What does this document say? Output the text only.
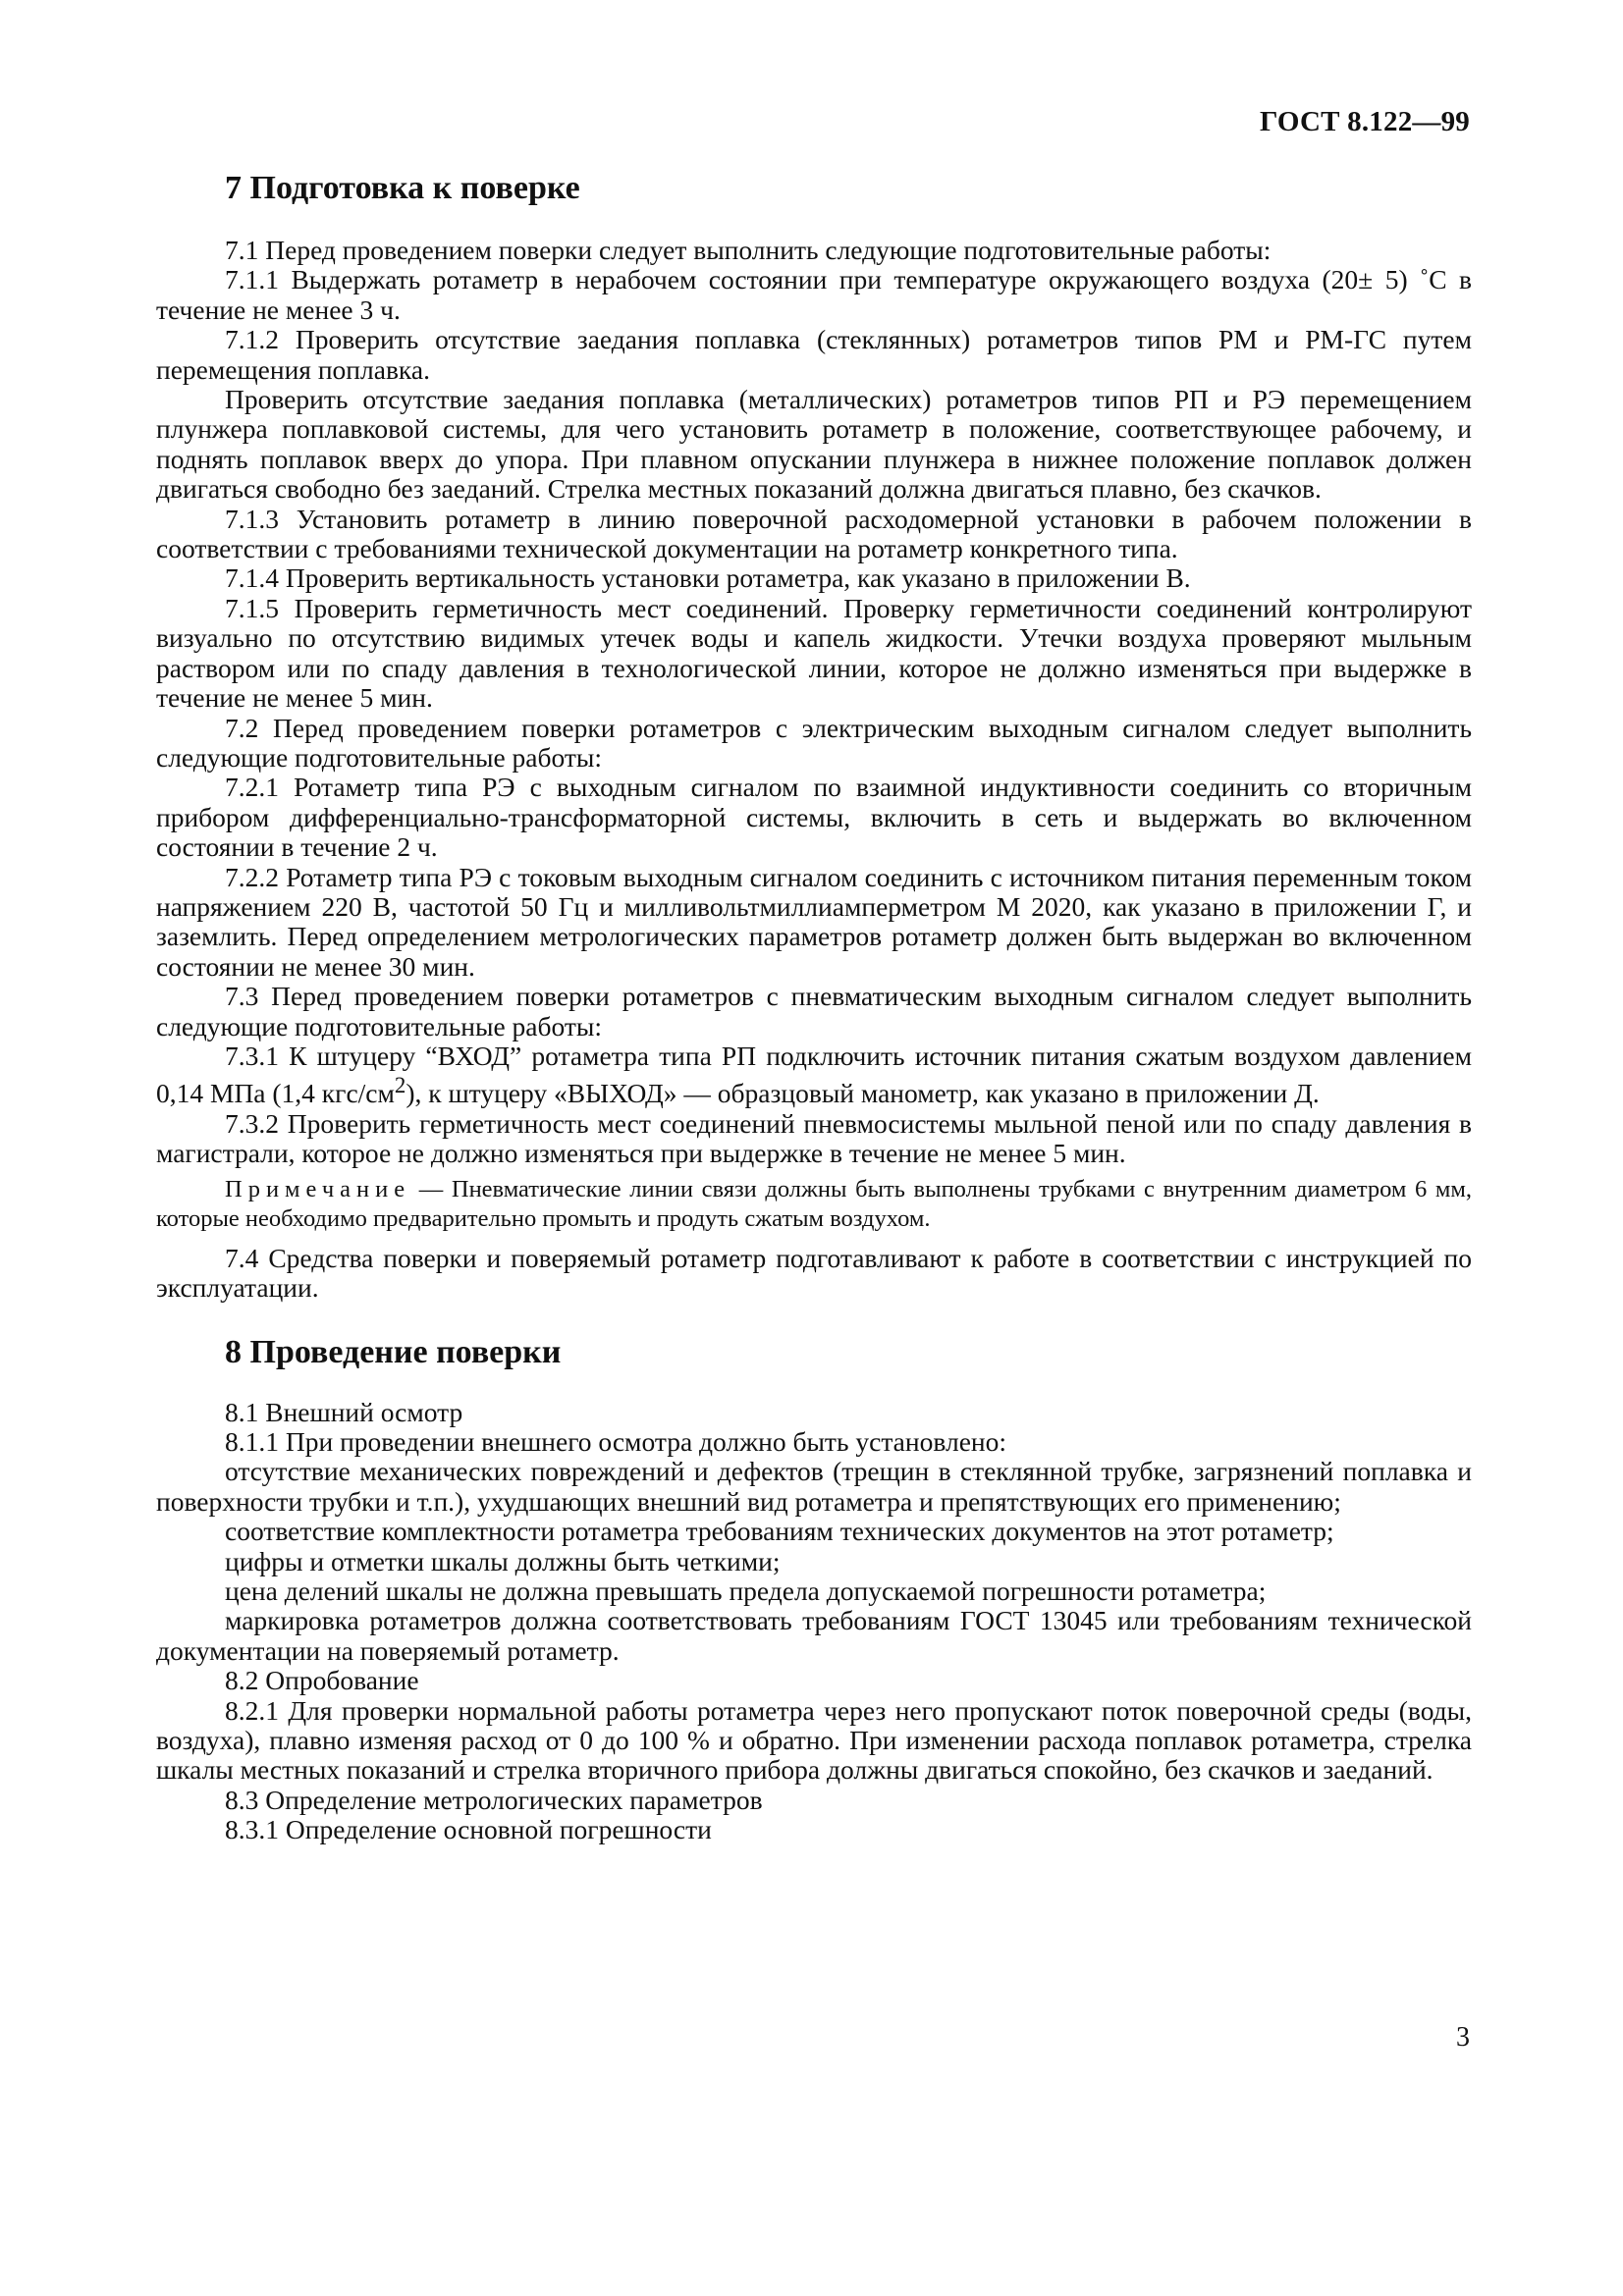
ГОСТ 8.122—99
7 Подготовка к поверке

7.1 Перед проведением поверки следует выполнить следующие подготовительные работы:

7.1.1 Выдержать ротаметр в нерабочем состоянии при температуре окружающего воздуха (20± 5) ˚C в течение не менее 3 ч.

7.1.2 Проверить отсутствие заедания поплавка (стеклянных) ротаметров типов РМ и РМ-ГС путем перемещения поплавка.

Проверить отсутствие заедания поплавка (металлических) ротаметров типов РП и РЭ перемещением плунжера поплавковой системы, для чего установить ротаметр в положение, соответствующее рабочему, и поднять поплавок вверх до упора. При плавном опускании плунжера в нижнее положение поплавок должен двигаться свободно без заеданий. Стрелка местных показаний должна двигаться плавно, без скачков.

7.1.3 Установить ротаметр в линию поверочной расходомерной установки в рабочем положении в соответствии с требованиями технической документации на ротаметр конкретного типа.

7.1.4 Проверить вертикальность установки ротаметра, как указано в приложении В.

7.1.5 Проверить герметичность мест соединений. Проверку герметичности соединений контролируют визуально по отсутствию видимых утечек воды и капель жидкости. Утечки воздуха проверяют мыльным раствором или по спаду давления в технологической линии, которое не должно изменяться при выдержке в течение не менее 5 мин.

7.2 Перед проведением поверки ротаметров с электрическим выходным сигналом следует выполнить следующие подготовительные работы:

7.2.1 Ротаметр типа РЭ с выходным сигналом по взаимной индуктивности соединить со вторичным прибором дифференциально-трансформаторной системы, включить в сеть и выдержать во включенном состоянии в течение 2 ч.

7.2.2 Ротаметр типа РЭ с токовым выходным сигналом соединить с источником питания переменным током напряжением 220 В, частотой 50 Гц и милливольтмиллиамперметром М 2020, как указано в приложении Г, и заземлить. Перед определением метрологических параметров ротаметр должен быть выдержан во включенном состоянии не менее 30 мин.

7.3 Перед проведением поверки ротаметров с пневматическим выходным сигналом следует выполнить следующие подготовительные работы:

7.3.1 К штуцеру “ВХОД” ротаметра типа РП подключить источник питания сжатым воздухом давлением 0,14 МПа (1,4 кгс/$см^2$), к штуцеру «ВЫХОД» — образцовый манометр, как указано в приложении Д.

7.3.2 Проверить герметичность мест соединений пневмосистемы мыльной пеной или по спаду давления в магистрали, которое не должно изменяться при выдержке в течение не менее 5 мин.

Примечание — Пневматические линии связи должны быть выполнены трубками с внутренним диаметром 6 мм, которые необходимо предварительно промыть и продуть сжатым воздухом.

7.4 Средства поверки и поверяемый ротаметр подготавливают к работе в соответствии с инструкцией по эксплуатации.

8 Проведение поверки

8.1 Внешний осмотр

8.1.1 При проведении внешнего осмотра должно быть установлено:

отсутствие механических повреждений и дефектов (трещин в стеклянной трубке, загрязнений поплавка и поверхности трубки и т.п.), ухудшающих внешний вид ротаметра и препятствующих его применению;

соответствие комплектности ротаметра требованиям технических документов на этот ротаметр;

цифры и отметки шкалы должны быть четкими;

цена делений шкалы не должна превышать предела допускаемой погрешности ротаметра;

маркировка ротаметров должна соответствовать требованиям ГОСТ 13045 или требованиям технической документации на поверяемый ротаметр.

8.2 Опробование

8.2.1 Для проверки нормальной работы ротаметра через него пропускают поток поверочной среды (воды, воздуха), плавно изменяя расход от 0 до 100 % и обратно. При изменении расхода поплавок ротаметра, стрелка шкалы местных показаний и стрелка вторичного прибора должны двигаться спокойно, без скачков и заеданий.

8.3 Определение метрологических параметров

8.3.1 Определение основной погрешности

3
